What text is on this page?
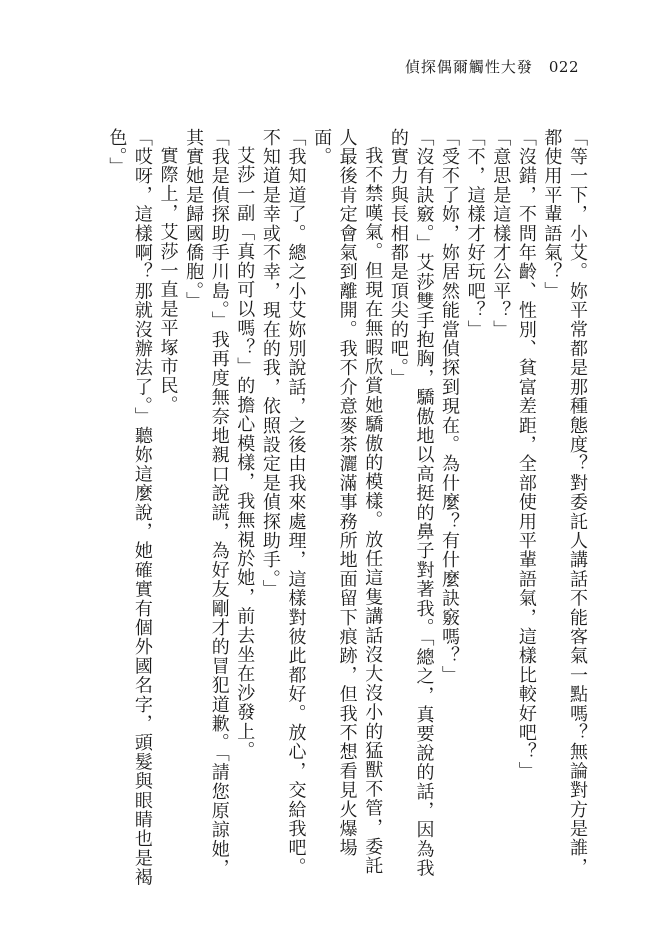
偵探偶爾觸性大發 022

「等一下，小艾。妳平常都是那種態度？對委託人講話不能客氣一點嗎？無論對方是誰，都使用平輩語氣？」

「沒錯，不問年齡、性別、貧富差距，全部使用平輩語氣，這樣比較好吧？」

「意思是這樣才公平？」

「不，這樣才好玩吧？」

「受不了妳，妳居然能當偵探到現在。為什麼？有什麼訣竅嗎？」

「沒有訣竅。」艾莎雙手抱胸，驕傲地以高挺的鼻子對著我。「總之，真要說的話，因為我的實力與長相都是頂尖的吧。」

我不禁嘆氣。但現在無暇欣賞她驕傲的模樣。放任這隻講話沒大沒小的猛獸不管，委託人最後肯定會氣到離開。我不介意麥茶灑滿事務所地面留下痕跡，但我不想看見火爆場面。

「我知道了。總之小艾妳別說話，之後由我來處理，這樣對彼此都好。放心，交給我吧。不知道是幸或不幸，現在的我，依照設定是偵探助手。」

艾莎一副「真的可以嗎？」的擔心模樣，我無視於她，前去坐在沙發上。

「我是偵探助手川島。」我再度無奈地親口說謊，為好友剛才的冒犯道歉。「請您原諒她，其實她是歸國僑胞。」

實際上，艾莎一直是平塚市民。

「哎呀，這樣啊？那就沒辦法了。」聽妳這麼說，她確實有個外國名字，頭髮與眼睛也是褐色。」
